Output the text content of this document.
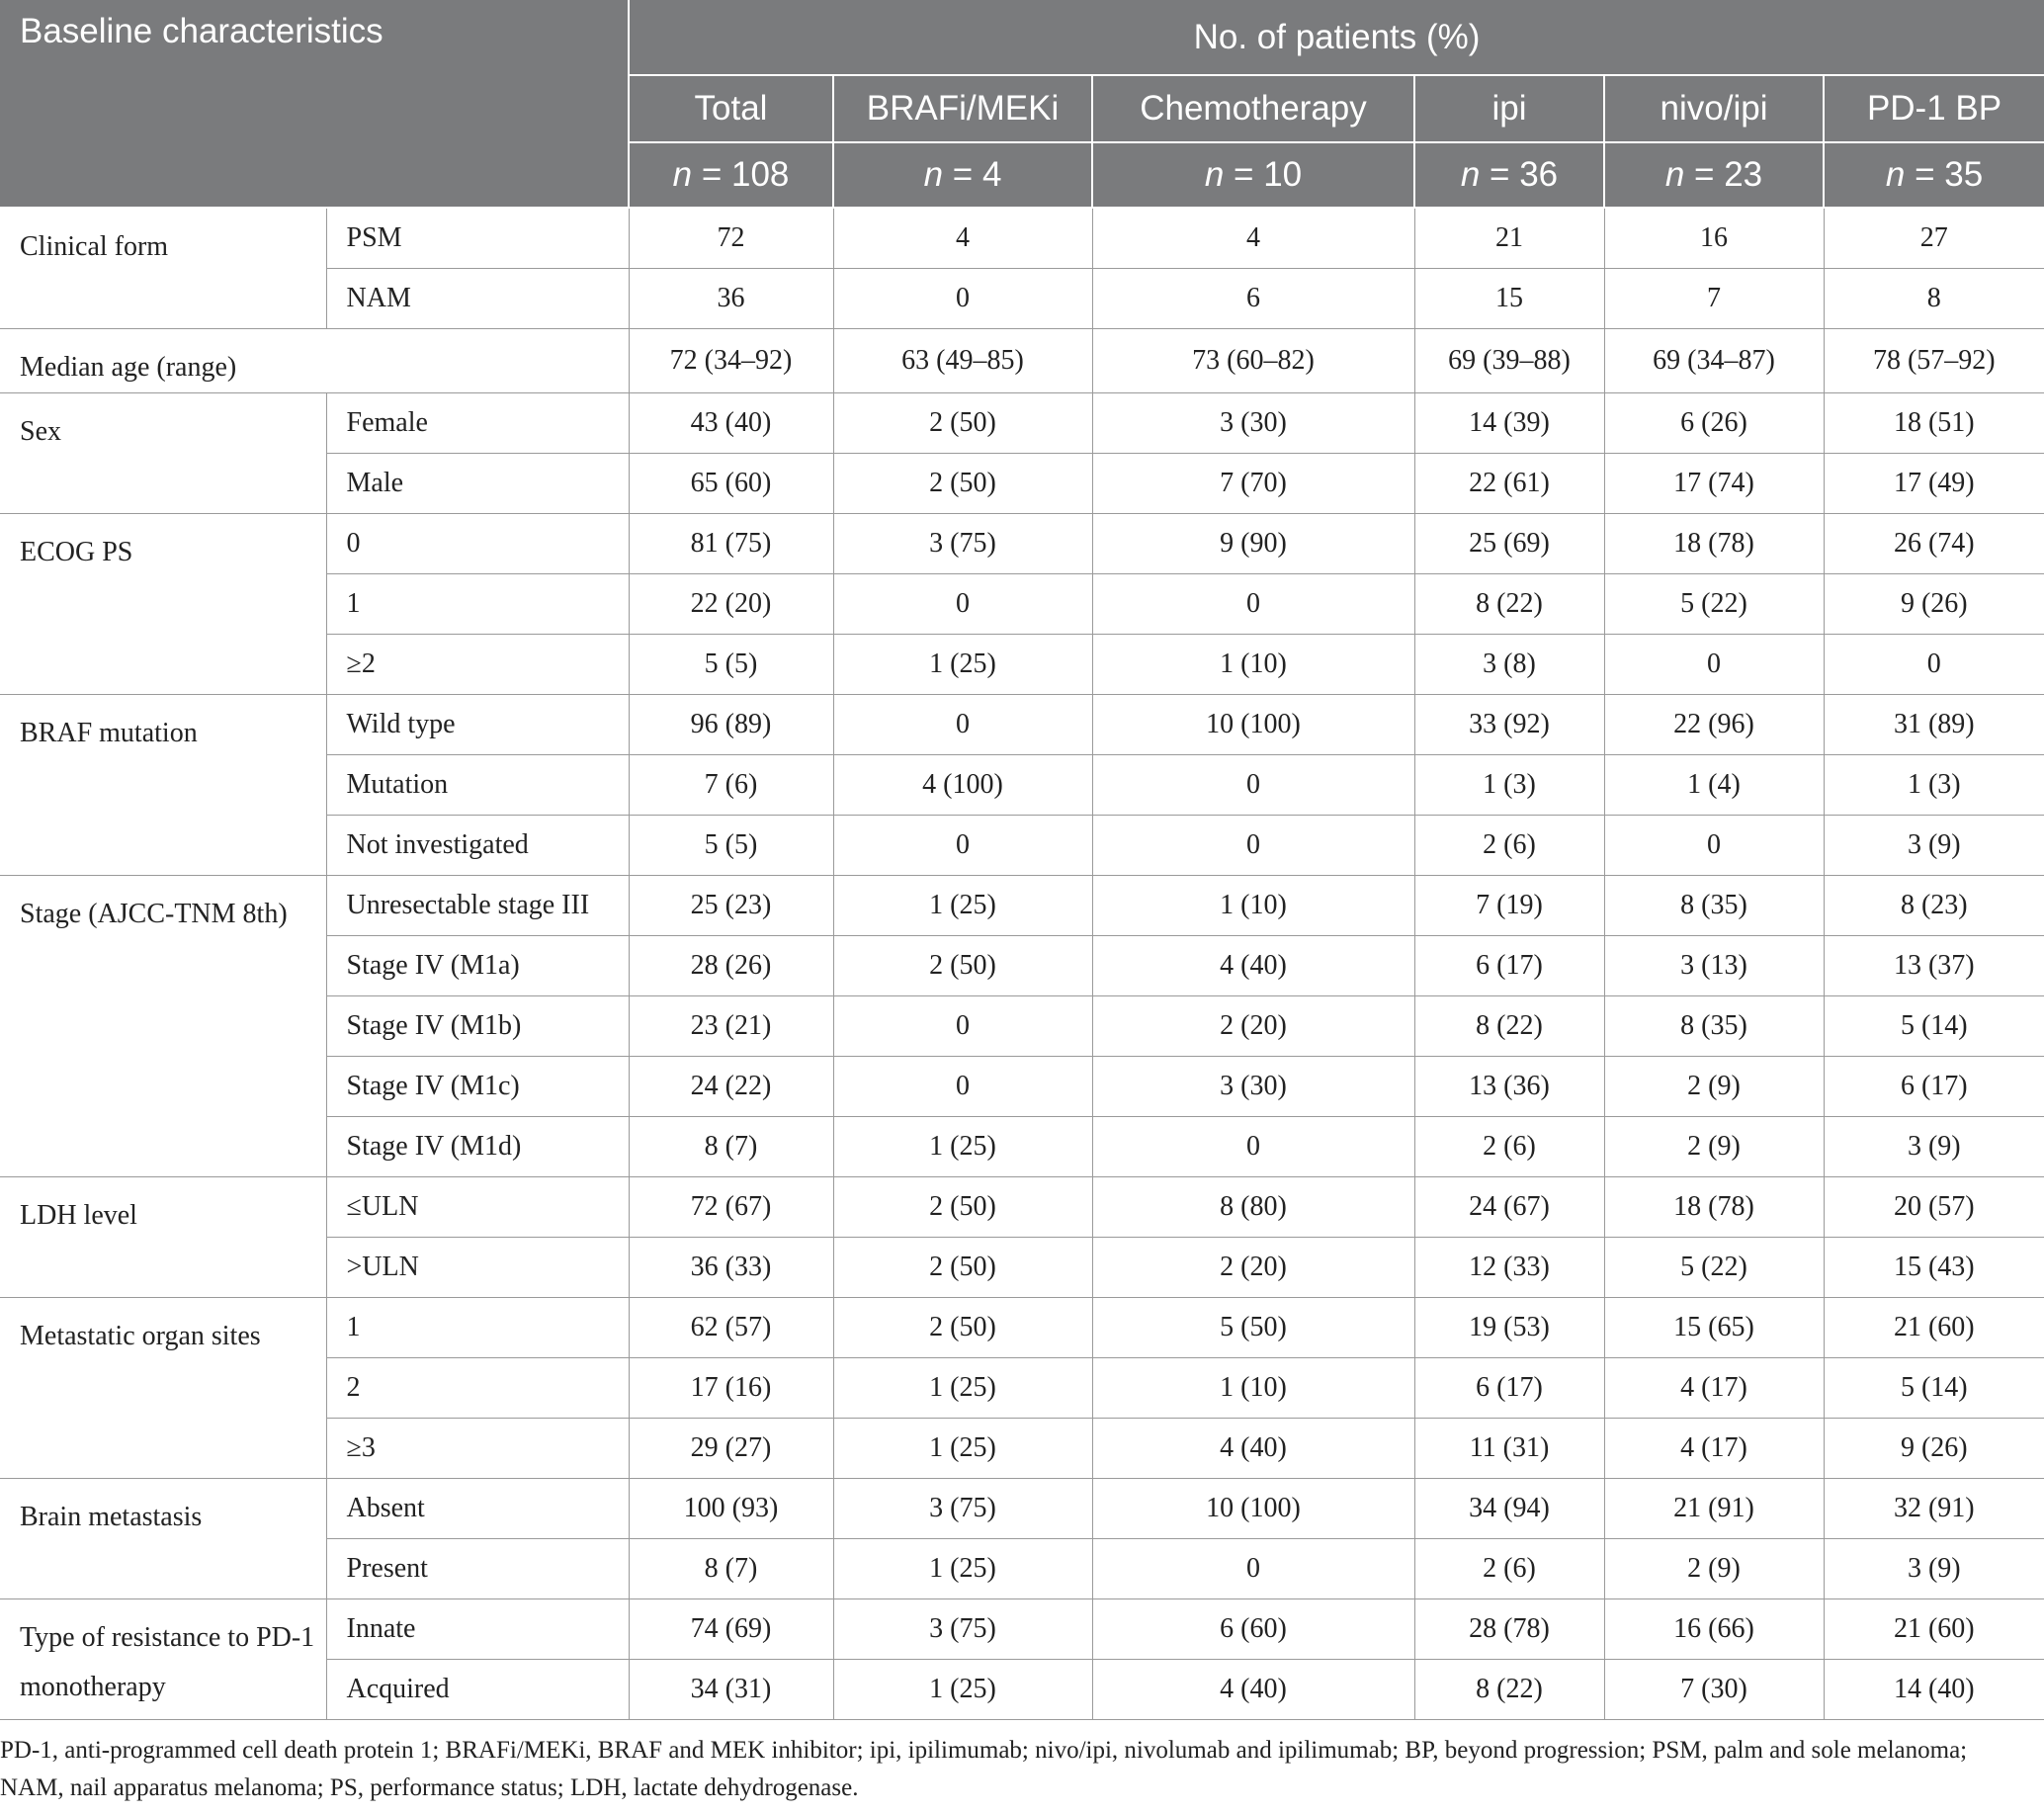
Baseline characteristics		No. of patients (%)					
		Total	BRAFi/MEKi	Chemotherapy	ipi	nivo/ipi	PD-1 BP
		n = 108	n = 4	n = 10	n = 36	n = 23	n = 35
Clinical form	PSM	72	4	4	21	16	27
	NAM	36	0	6	15	7	8
Median age (range)		72 (34–92)	63 (49–85)	73 (60–82)	69 (39–88)	69 (34–87)	78 (57–92)
Sex	Female	43 (40)	2 (50)	3 (30)	14 (39)	6 (26)	18 (51)
	Male	65 (60)	2 (50)	7 (70)	22 (61)	17 (74)	17 (49)
ECOG PS	0	81 (75)	3 (75)	9 (90)	25 (69)	18 (78)	26 (74)
	1	22 (20)	0	0	8 (22)	5 (22)	9 (26)
	≥2	5 (5)	1 (25)	1 (10)	3 (8)	0	0
BRAF mutation	Wild type	96 (89)	0	10 (100)	33 (92)	22 (96)	31 (89)
	Mutation	7 (6)	4 (100)	0	1 (3)	1 (4)	1 (3)
	Not investigated	5 (5)	0	0	2 (6)	0	3 (9)
Stage (AJCC-TNM 8th)	Unresectable stage III	25 (23)	1 (25)	1 (10)	7 (19)	8 (35)	8 (23)
	Stage IV (M1a)	28 (26)	2 (50)	4 (40)	6 (17)	3 (13)	13 (37)
	Stage IV (M1b)	23 (21)	0	2 (20)	8 (22)	8 (35)	5 (14)
	Stage IV (M1c)	24 (22)	0	3 (30)	13 (36)	2 (9)	6 (17)
	Stage IV (M1d)	8 (7)	1 (25)	0	2 (6)	2 (9)	3 (9)
LDH level	≤ULN	72 (67)	2 (50)	8 (80)	24 (67)	18 (78)	20 (57)
	>ULN	36 (33)	2 (50)	2 (20)	12 (33)	5 (22)	15 (43)
Metastatic organ sites	1	62 (57)	2 (50)	5 (50)	19 (53)	15 (65)	21 (60)
	2	17 (16)	1 (25)	1 (10)	6 (17)	4 (17)	5 (14)
	≥3	29 (27)	1 (25)	4 (40)	11 (31)	4 (17)	9 (26)
Brain metastasis	Absent	100 (93)	3 (75)	10 (100)	34 (94)	21 (91)	32 (91)
	Present	8 (7)	1 (25)	0	2 (6)	2 (9)	3 (9)
Type of resistance to PD-1 monotherapy	Innate	74 (69)	3 (75)	6 (60)	28 (78)	16 (66)	21 (60)
	Acquired	34 (31)	1 (25)	4 (40)	8 (22)	7 (30)	14 (40)
PD-1, anti-programmed cell death protein 1; BRAFi/MEKi, BRAF and MEK inhibitor; ipi, ipilimumab; nivo/ipi, nivolumab and ipilimumab; BP, beyond progression; PSM, palm and sole melanoma; NAM, nail apparatus melanoma; PS, performance status; LDH, lactate dehydrogenase.
